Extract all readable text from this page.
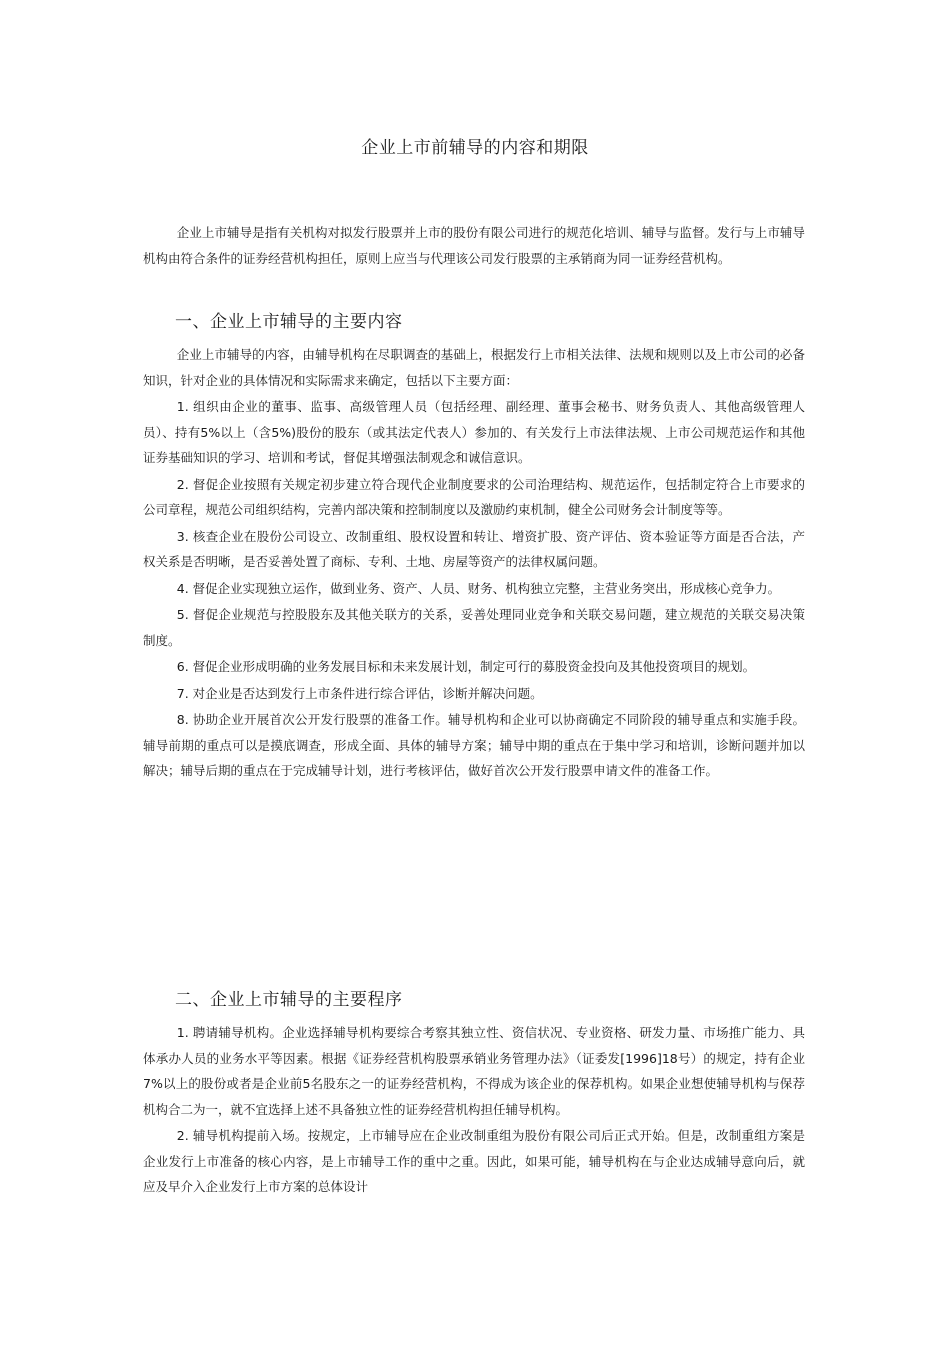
企业上市前辅导的内容和期限

企业上市辅导是指有关机构对拟发行股票并上市的股份有限公司进行的规范化培训、辅导与监督。发行与上市辅导机构由符合条件的证券经营机构担任，原则上应当与代理该公司发行股票的主承销商为同一证券经营机构。

一、企业上市辅导的主要内容

企业上市辅导的内容，由辅导机构在尽职调查的基础上，根据发行上市相关法律、法规和规则以及上市公司的必备知识，针对企业的具体情况和实际需求来确定，包括以下主要方面：

1. 组织由企业的董事、监事、高级管理人员（包括经理、副经理、董事会秘书、财务负责人、其他高级管理人员）、持有5%以上（含5%)股份的股东（或其法定代表人）参加的、有关发行上市法律法规、上市公司规范运作和其他证券基础知识的学习、培训和考试，督促其增强法制观念和诚信意识。

2. 督促企业按照有关规定初步建立符合现代企业制度要求的公司治理结构、规范运作，包括制定符合上市要求的公司章程，规范公司组织结构，完善内部决策和控制制度以及激励约束机制，健全公司财务会计制度等等。

3. 核查企业在股份公司设立、改制重组、股权设置和转让、增资扩股、资产评估、资本验证等方面是否合法，产权关系是否明晰，是否妥善处置了商标、专利、土地、房屋等资产的法律权属问题。

4. 督促企业实现独立运作，做到业务、资产、人员、财务、机构独立完整，主营业务突出，形成核心竞争力。

5. 督促企业规范与控股股东及其他关联方的关系，妥善处理同业竞争和关联交易问题，建立规范的关联交易决策制度。

6. 督促企业形成明确的业务发展目标和未来发展计划，制定可行的募股资金投向及其他投资项目的规划。

7. 对企业是否达到发行上市条件进行综合评估，诊断并解决问题。

8. 协助企业开展首次公开发行股票的准备工作。辅导机构和企业可以协商确定不同阶段的辅导重点和实施手段。辅导前期的重点可以是摸底调查，形成全面、具体的辅导方案；辅导中期的重点在于集中学习和培训，诊断问题并加以解决；辅导后期的重点在于完成辅导计划，进行考核评估，做好首次公开发行股票申请文件的准备工作。

二、企业上市辅导的主要程序

1. 聘请辅导机构。企业选择辅导机构要综合考察其独立性、资信状况、专业资格、研发力量、市场推广能力、具体承办人员的业务水平等因素。根据《证券经营机构股票承销业务管理办法》（证委发[1996]18号）的规定，持有企业7%以上的股份或者是企业前5名股东之一的证券经营机构，不得成为该企业的保荐机构。如果企业想使辅导机构与保荐机构合二为一，就不宜选择上述不具备独立性的证券经营机构担任辅导机构。

2. 辅导机构提前入场。按规定，上市辅导应在企业改制重组为股份有限公司后正式开始。但是，改制重组方案是企业发行上市准备的核心内容，是上市辅导工作的重中之重。因此，如果可能，辅导机构在与企业达成辅导意向后，就应及早介入企业发行上市方案的总体设计
